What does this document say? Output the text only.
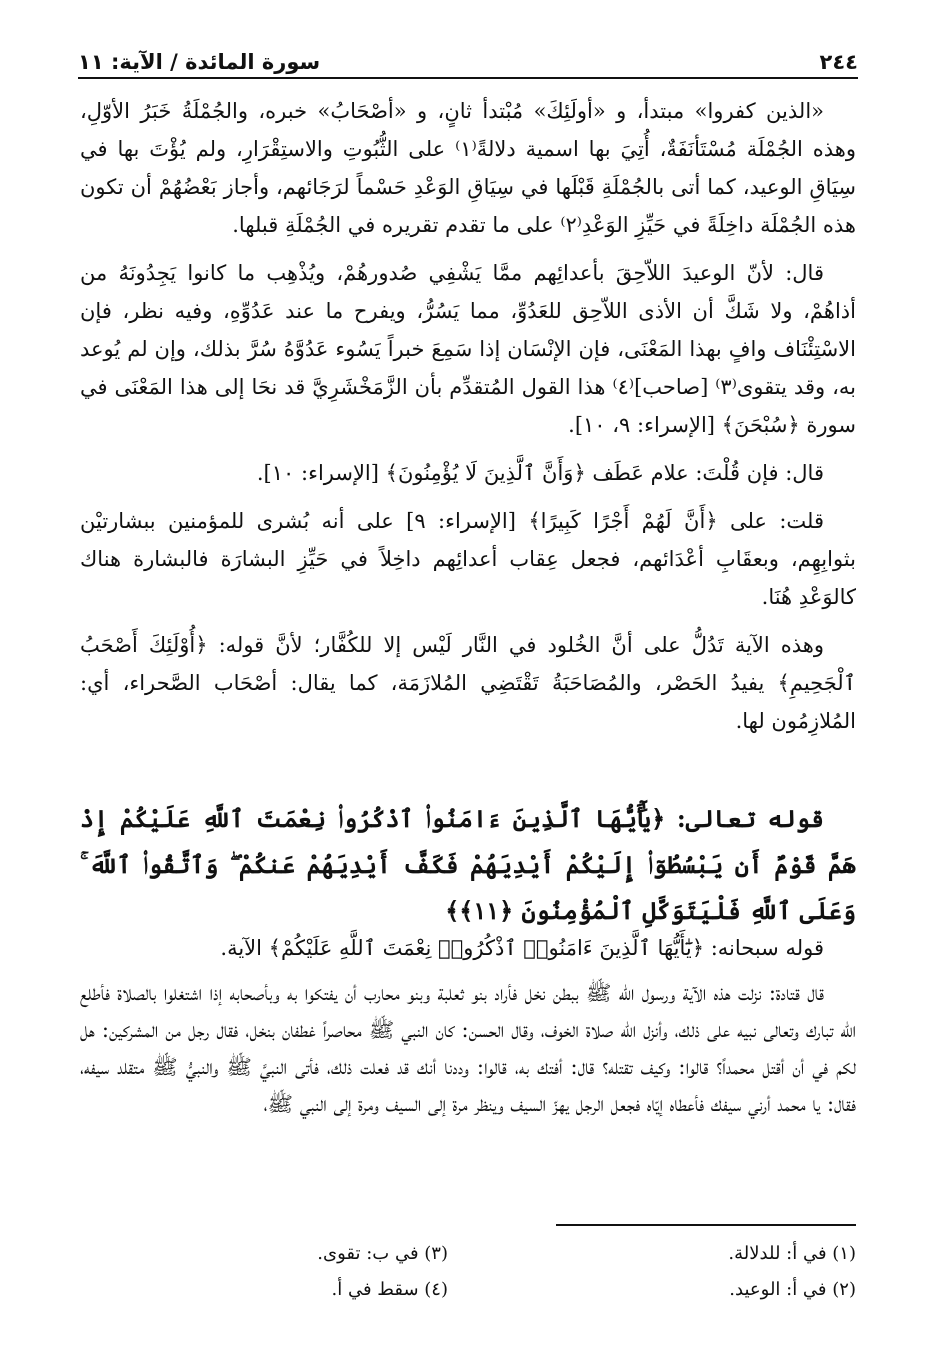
٢٤٤
سورة المائدة / الآية: ١١

«الذين كفروا» مبتدأ، و «أولَئِكَ» مُبْتدأ ثانٍ، و «أصْحَابُ» خبره، والجُمْلَةُ خَبَرُ الأوّلِ، وهذه الجُمْلَة مُسْتَأنَفَةٌ، أُتِيَ بها اسمية دلالةً⁽١⁾ على الثُّبُوتِ والاستِقْرَارِ، ولم يُؤْتَ بها في سِيَاقِ الوعيد، كما أتى بالجُمْلَةِ قَبْلَها في سِيَاقِ الوَعْدِ حَسْماً لرَجَائهم، وأجاز بَعْضُهُمْ أن تكون هذه الجُمْلَة داخِلَةً في حَيِّزِ الوَعْدِ⁽٢⁾ على ما تقدم تقريره في الجُمْلَةِ قبلها.

قال: لأنّ الوعيدَ اللاّحِقَ بأعدائِهم ممَّا يَشْفِي صُدورهُمْ، ويُذْهِب ما كانوا يَجِدُونَهُ من أذاهُمْ، ولا شَكَّ أن الأذى اللاّحِق للعَدُوِّ، مما يَسُرُّ، ويفرح ما عند عَدُوِّهِ، وفيه نظر، فإن الاسْتِئْنَاف وافٍ بهذا المَعْنَى، فإن الإنْسَان إذا سَمِعَ خبراً يَسُوء عَدُوَّهُ سُرَّ بذلك، وإن لم يُوعد به، وقد يتقوى⁽٣⁾ [صاحب]⁽٤⁾ هذا القول المُتقدِّم بأن الزَّمَخْشَرِيَّ قد نحَا إلى هذا المَعْنَى في سورة ﴿سُبْحَنَ﴾ [الإسراء: ٩، ١٠].

قال: فإن قُلْتَ: علام عَطَف ﴿وَأَنَّ ٱلَّذِينَ لَا يُؤْمِنُونَ﴾ [الإسراء: ١٠].

قلت: على ﴿أَنَّ لَهُمْ أَجْرًا كَبِيرًا﴾ [الإسراء: ٩] على أنه بُشرى للمؤمنين ببشارتيْن بثوابِهِم، وبعقَابِ أعْدَائهم، فجعل عِقاب أعدائِهم داخِلاً في حَيِّزِ البشارَة فالبشارة هناك كالوَعْدِ هُنَا.

وهذه الآية تَدُلُّ على أنَّ الخُلود في النَّار لَيْس إلا للكُفَّار؛ لأنَّ قوله: ﴿أُوْلَئِكَ أَصْحَبُ ٱلْجَحِيمِ﴾ يفيدُ الحَصْر، والمُصَاحَبَةُ تَقْتَضِي المُلازَمَة، كما يقال: أصْحَاب الصَّحراء، أي: المُلازِمُون لها.

قوله تعالى: ﴿يَٰٓأَيُّهَا ٱلَّذِينَ ءَامَنُوا۟ ٱذْكُرُوا۟ نِعْمَتَ ٱللَّهِ عَلَيْكُمْ إِذْ هَمَّ قَوْمٌ أَن يَبْسُطُوٓا۟ إِلَيْكُمْ أَيْدِيَهُمْ فَكَفَّ أَيْدِيَهُمْ عَنكُمْ ۖ وَٱتَّقُوا۟ ٱللَّهَ ۚ وَعَلَى ٱللَّهِ فَلْيَتَوَكَّلِ ٱلْمُؤْمِنُونَ ﴿١١﴾﴾

قوله سبحانه: ﴿يَٰٓأَيُّهَا ٱلَّذِينَ ءَامَنُوا۟ ٱذْكُرُوا۟ نِعْمَتَ ٱللَّهِ عَلَيْكُمْ﴾ الآية.

قال قتادة: نزلت هذه الآية ورسول الله ﷺ ببطن نخل فأراد بنو ثعلبة وبنو محارب أن يفتكوا به وبأصحابه إذا اشتغلوا بالصلاة فأطلع الله تبارك وتعالى نبيه على ذلك، وأنزل الله صلاة الخوف، وقال الحسن: كان النبي ﷺ محاصراً غطفان بنخل، فقال رجل من المشركين: هل لكم في أن أقتل محمداً؟ قالوا: وكيف تقتله؟ قال: أفتك به، قالوا: وددنا أنك قد فعلت ذلك، فأتى النبيَّ ﷺ والنبيُّ ﷺ متقلد سيفه، فقال: يا محمد أرني سيفك فأعطاه إيّاه فجعل الرجل يهزّ السيف وينظر مرة إلى السيف ومرة إلى النبي ﷺ،

(١) في أ: للدلالة.
(٣) في ب: تقوى.
(٢) في أ: الوعيد.
(٤) سقط في أ.
